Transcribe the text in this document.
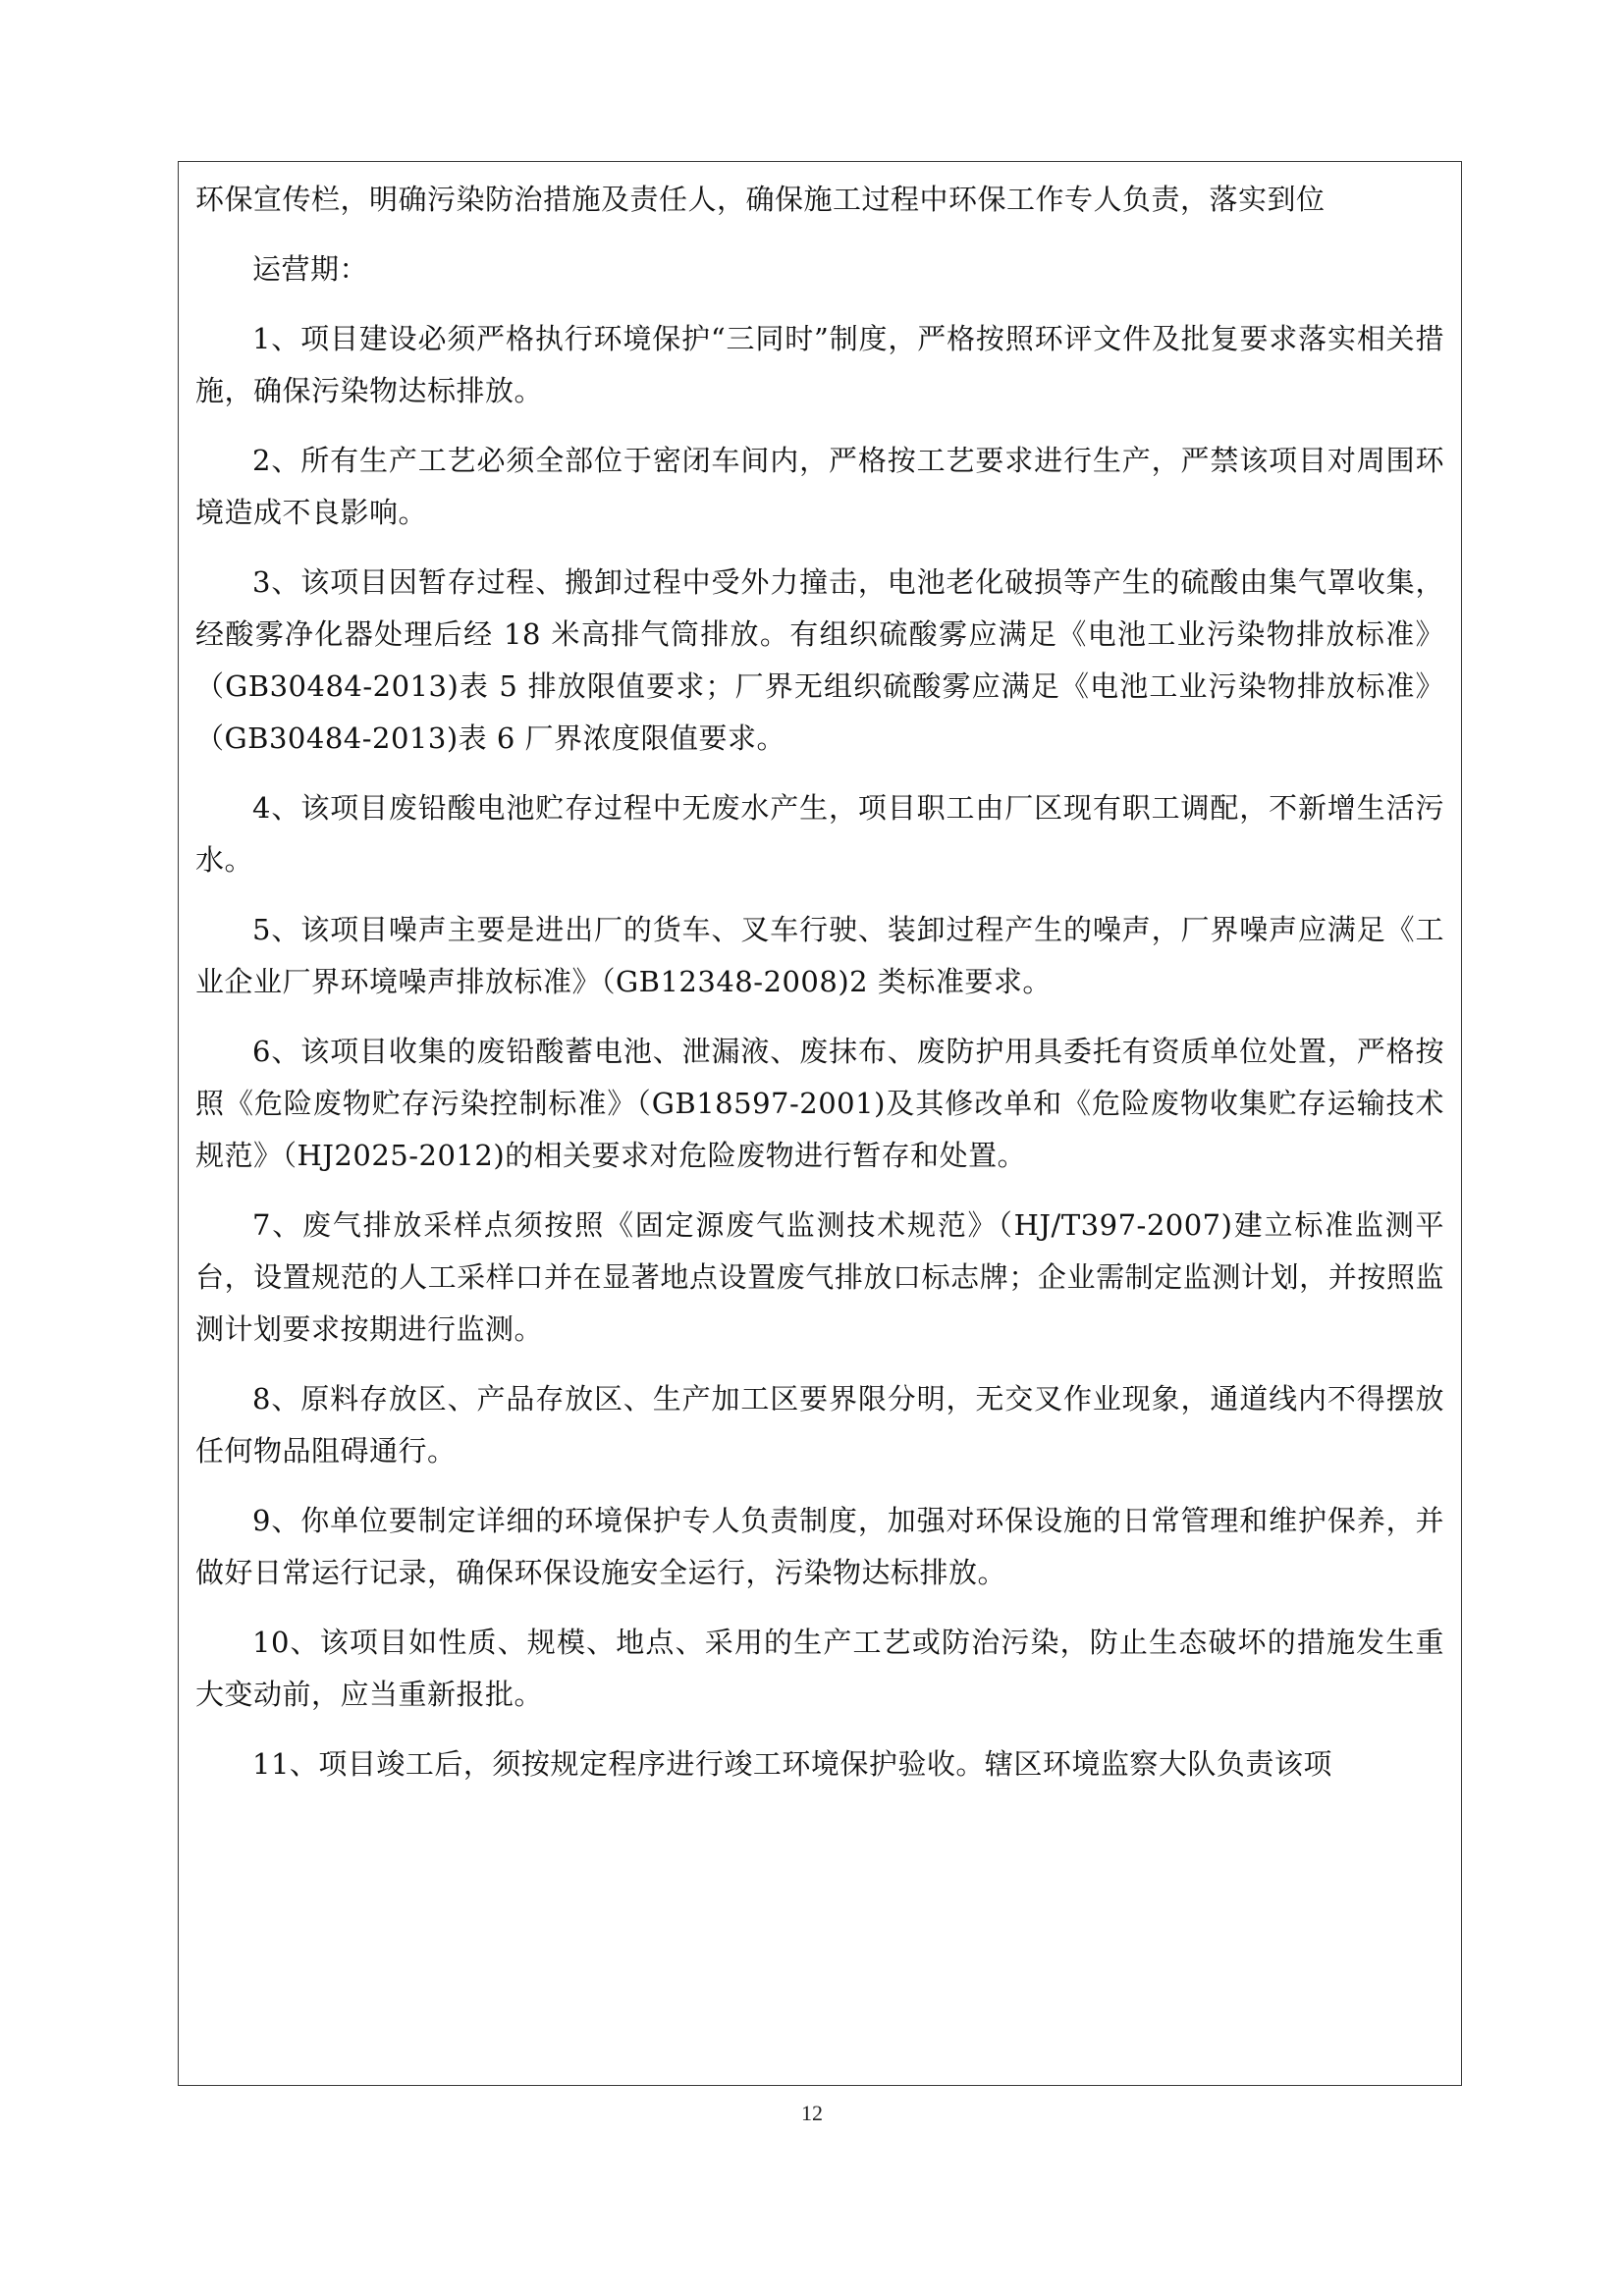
环保宣传栏，明确污染防治措施及责任人，确保施工过程中环保工作专人负责，落实到位

运营期：

1、项目建设必须严格执行环境保护“三同时”制度，严格按照环评文件及批复要求落实相关措施，确保污染物达标排放。

2、所有生产工艺必须全部位于密闭车间内，严格按工艺要求进行生产，严禁该项目对周围环境造成不良影响。

3、该项目因暂存过程、搬卸过程中受外力撞击，电池老化破损等产生的硫酸由集气罩收集，经酸雾净化器处理后经 18 米高排气筒排放。有组织硫酸雾应满足《电池工业污染物排放标准》（GB30484-2013)表 5 排放限值要求；厂界无组织硫酸雾应满足《电池工业污染物排放标准》（GB30484-2013)表 6 厂界浓度限值要求。

4、该项目废铅酸电池贮存过程中无废水产生，项目职工由厂区现有职工调配，不新增生活污水。

5、该项目噪声主要是进出厂的货车、叉车行驶、装卸过程产生的噪声，厂界噪声应满足《工业企业厂界环境噪声排放标准》（GB12348-2008)2 类标准要求。

6、该项目收集的废铅酸蓄电池、泄漏液、废抹布、废防护用具委托有资质单位处置，严格按照《危险废物贮存污染控制标准》（GB18597-2001)及其修改单和《危险废物收集贮存运输技术规范》（HJ2025-2012)的相关要求对危险废物进行暂存和处置。

7、废气排放采样点须按照《固定源废气监测技术规范》（HJ/T397-2007)建立标准监测平台，设置规范的人工采样口并在显著地点设置废气排放口标志牌；企业需制定监测计划，并按照监测计划要求按期进行监测。

8、原料存放区、产品存放区、生产加工区要界限分明，无交叉作业现象，通道线内不得摆放任何物品阻碍通行。

9、你单位要制定详细的环境保护专人负责制度，加强对环保设施的日常管理和维护保养，并做好日常运行记录，确保环保设施安全运行，污染物达标排放。

10、该项目如性质、规模、地点、采用的生产工艺或防治污染，防止生态破坏的措施发生重大变动前，应当重新报批。

11、项目竣工后，须按规定程序进行竣工环境保护验收。辖区环境监察大队负责该项

12
